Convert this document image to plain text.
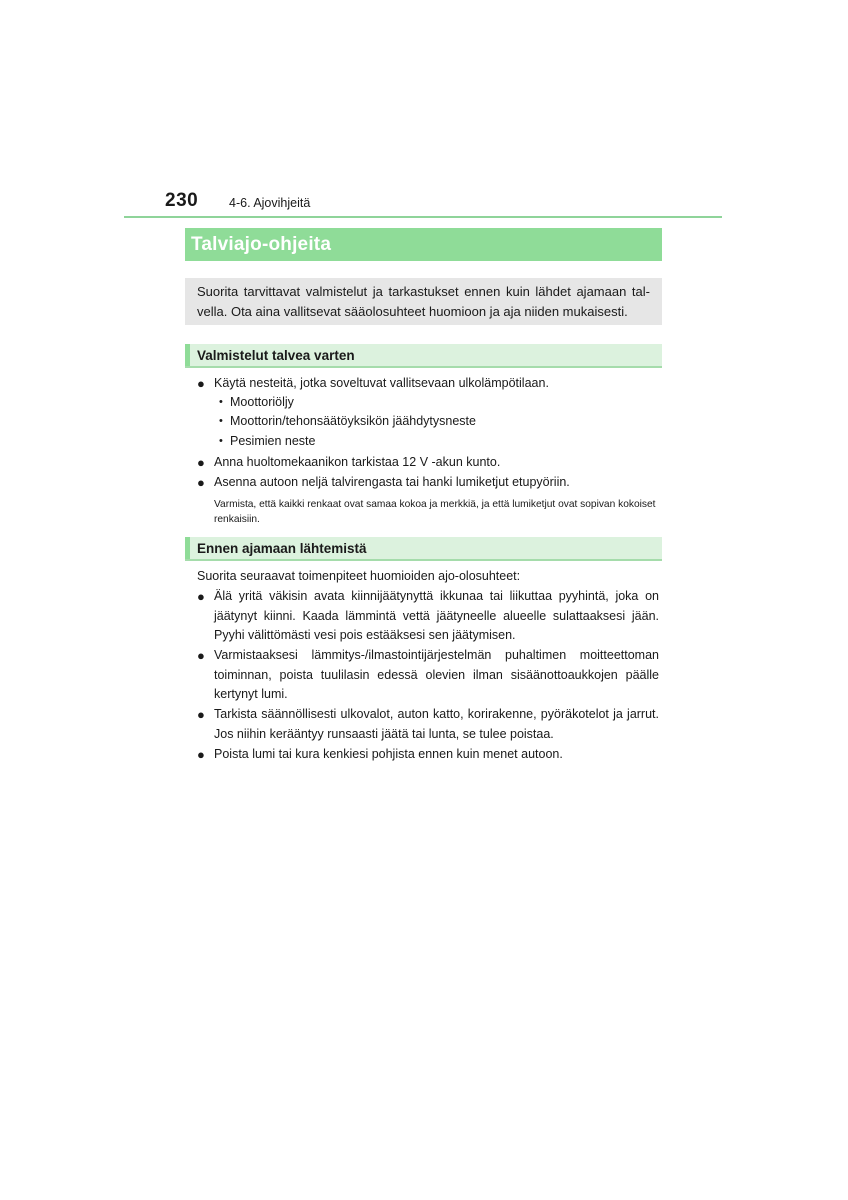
230 4-6. Ajovihjeitä
Talviajo-ohjeita
Suorita tarvittavat valmistelut ja tarkastukset ennen kuin lähdet ajamaan tal- vella. Ota aina vallitsevat sääolosuhteet huomioon ja aja niiden mukaisesti.
Valmistelut talvea varten
● Käytä nesteitä, jotka soveltuvat vallitsevaan ulkolämpötilaan.
• Moottoriöljy
• Moottorin/tehonsäätöyksikön jäähdytysneste
• Pesimien neste
● Anna huoltomekaanikon tarkistaa 12 V -akun kunto.
● Asenna autoon neljä talvirengasta tai hanki lumiketjut etupyöriin.
Varmista, että kaikki renkaat ovat samaa kokoa ja merkkiä, ja että lumiketjut ovat sopivan kokoiset renkaisiin.
Ennen ajamaan lähtemistä
Suorita seuraavat toimenpiteet huomioiden ajo-olosuhteet:
● Älä yritä väkisin avata kiinnijäätynyttä ikkunaa tai liikuttaa pyyhintä, joka on jäätynyt kiinni. Kaada lämmintä vettä jäätyneelle alueelle sulattaaksesi jään. Pyyhi välittömästi vesi pois estääksesi sen jäätymisen.
● Varmistaaksesi lämmitys-/ilmastointijärjestelmän puhaltimen moitteettoman toiminnan, poista tuulilasin edessä olevien ilman sisäänottoaukkojen päälle kertynyt lumi.
● Tarkista säännöllisesti ulkovalot, auton katto, korirakenne, pyöräkotelot ja jarrut. Jos niihin kerääntyy runsaasti jäätä tai lunta, se tulee poistaa.
● Poista lumi tai kura kenkiesi pohjista ennen kuin menet autoon.
